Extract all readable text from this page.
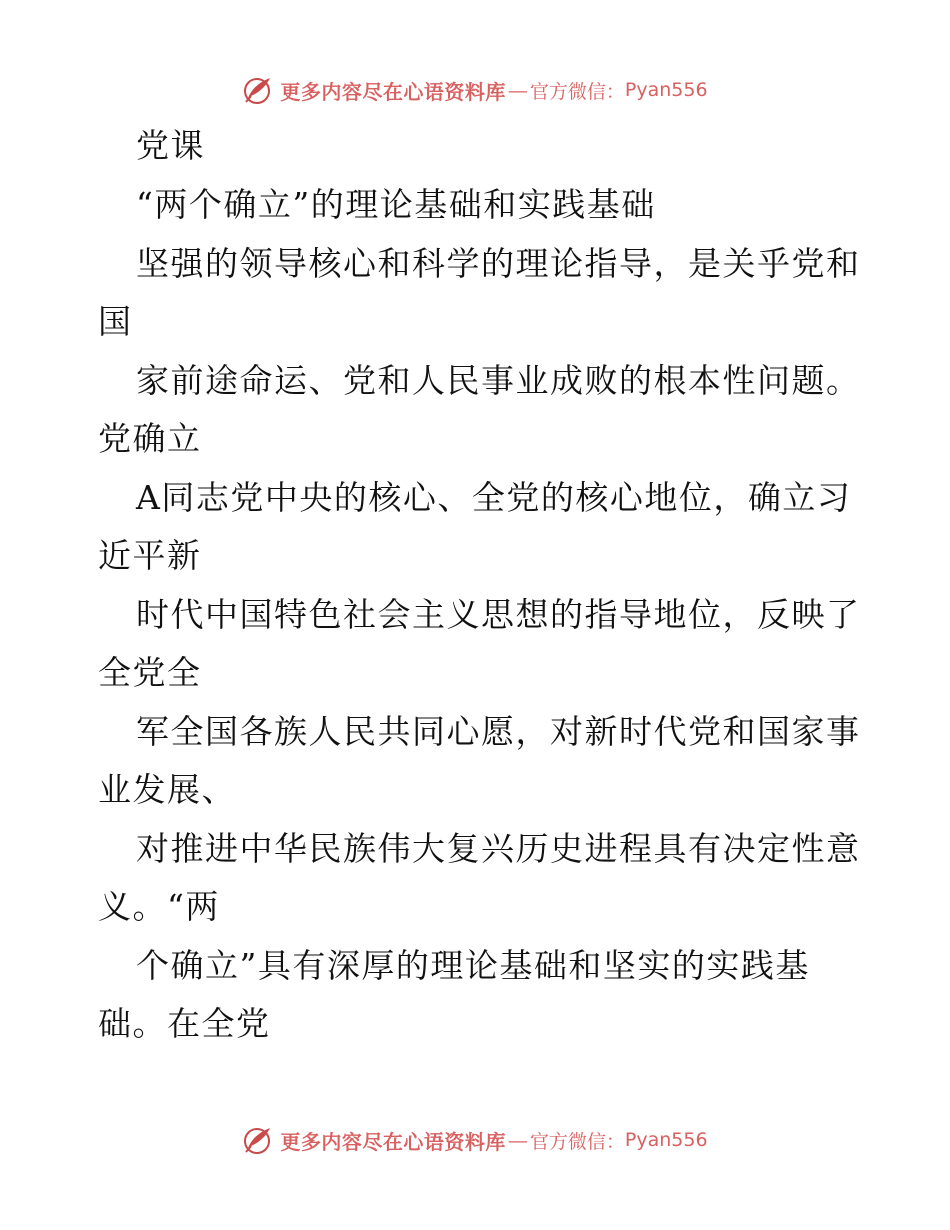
更多内容尽在心语资料库 — 官方微信： Pyan556
党课
“两个确立”的理论基础和实践基础
坚强的领导核心和科学的理论指导，是关乎党和
国
家前途命运、党和人民事业成败的根本性问题。
党确立
A同志党中央的核心、全党的核心地位，确立习
近平新
时代中国特色社会主义思想的指导地位，反映了
全党全
军全国各族人民共同心愿，对新时代党和国家事
业发展、
对推进中华民族伟大复兴历史进程具有决定性意
义。“两
个确立”具有深厚的理论基础和坚实的实践基
础。在全党
更多内容尽在心语资料库 — 官方微信： Pyan556
